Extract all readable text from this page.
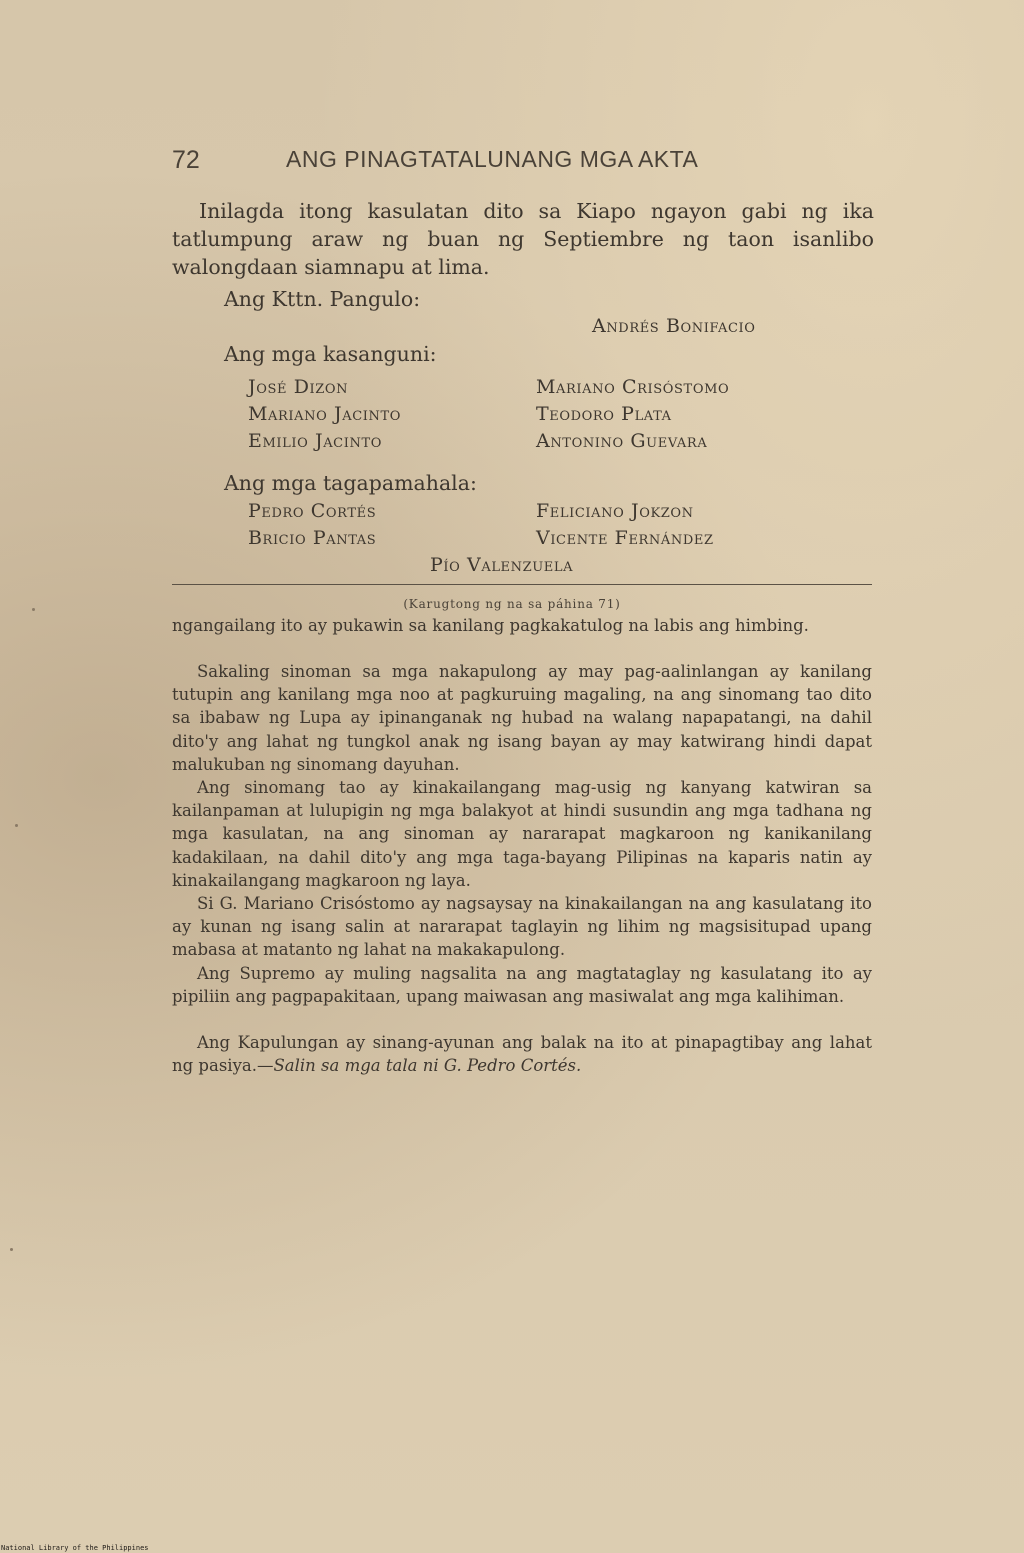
72	ANG PINAGTATALUNANG MGA AKTA

Inilagda itong kasulatan dito sa Kiapo ngayon gabi ng ika tatlumpung araw ng buan ng Septiembre ng taon isanlibo walongdaan siamnapu at lima.

Ang Kttn. Pangulo:

Andrés Bonifacio

Ang mga kasanguni:

José Dizon	Mariano Crisóstomo

Mariano Jacinto	Teodoro Plata

Emilio Jacinto	Antonino Guevara

Ang mga tagapamahala:

Pedro Cortés	Feliciano Jokzon

Bricio Pantas	Vicente Fernández

Pío Valenzuela

(Karugtong ng na sa páhina 71)

ngangailang ito ay pukawin sa kanilang pagkakatulog na labis ang himbing.

Sakaling sinoman sa mga nakapulong ay may pag-aalinlangan ay kanilang tutupin ang kanilang mga noo at pagkuruing magaling, na ang sinomang tao dito sa ibabaw ng Lupa ay ipinanganak ng hubad na walang napapatangi, na dahil dito'y ang lahat ng tungkol anak ng isang bayan ay may katwirang hindi dapat malukuban ng sinomang dayuhan.

Ang sinomang tao ay kinakailangang mag-usig ng kanyang katwiran sa kailanpaman at lulupigin ng mga balakyot at hindi susundin ang mga tadhana ng mga kasulatan, na ang sinoman ay nararapat magkaroon ng kanikanilang kadakilaan, na dahil dito'y ang mga taga-bayang Pilipinas na kaparis natin ay kinakailangang magkaroon ng laya.

Si G. Mariano Crisóstomo ay nagsaysay na kinakailangan na ang kasulatang ito ay kunan ng isang salin at nararapat taglayin ng lihim ng magsisitupad upang mabasa at matanto ng lahat na makakapulong.

Ang Supremo ay muling nagsalita na ang magtataglay ng kasulatang ito ay pipiliin ang pagpapakitaan, upang maiwasan ang masiwalat ang mga kalihiman.

Ang Kapulungan ay sinang-ayunan ang balak na ito at pinapagtibay ang lahat ng pasiya.—Salin sa mga tala ni G. Pedro Cortés.

National Library of the Philippines
